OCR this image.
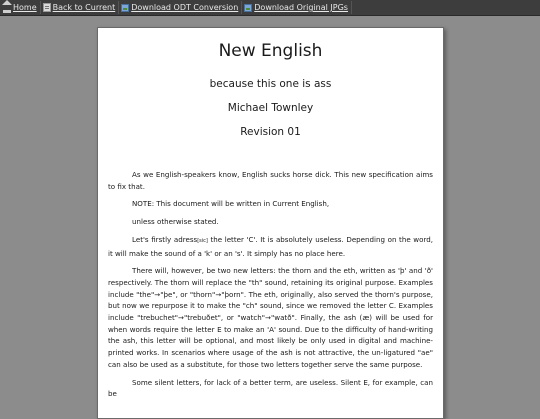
Home Back to Current Download ODT Conversion Download Original JPGs
New English
because this one is ass
Michael Townley
Revision 01

As we English-speakers know, English sucks horse dick. This new specification aims to fix that.

NOTE: This document will be written in Current English,

unless otherwise stated.

Let's firstly adress[sic] the letter 'C'. It is absolutely useless. Depending on the word, it will make the sound of a 'k' or an 's'. It simply has no place here.

There will, however, be two new letters: the thorn and the eth, written as 'þ' and 'ð' respectively. The thorn will replace the "th" sound, retaining its original purpose. Examples include "the"→"þe", or "thorn"→"þorn". The eth, originally, also served the thorn's purpose, but now we repurpose it to make the "ch" sound, since we removed the letter C. Examples include "trebuchet"→"trebuðet", or "watch"→"watð". Finally, the ash (æ) will be used for when words require the letter E to make an 'A' sound. Due to the difficulty of hand-writing the ash, this letter will be optional, and most likely be only used in digital and machine-printed works. In scenarios where usage of the ash is not attractive, the un-ligatured "ae" can also be used as a substitute, for those two letters together serve the same purpose.

Some silent letters, for lack of a better term, are useless. Silent E, for example, can be
